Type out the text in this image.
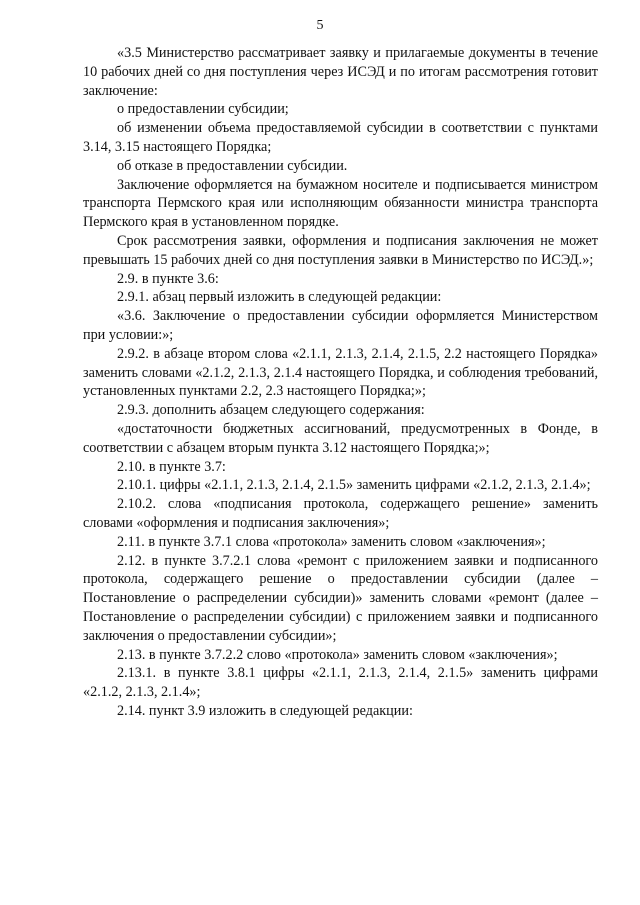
5

«3.5 Министерство рассматривает заявку и прилагаемые документы в течение 10 рабочих дней со дня поступления через ИСЭД и по итогам рассмотрения готовит заключение:

о предоставлении субсидии;

об изменении объема предоставляемой субсидии в соответствии с пунктами 3.14, 3.15 настоящего Порядка;

об отказе в предоставлении субсидии.

Заключение оформляется на бумажном носителе и подписывается министром транспорта Пермского края или исполняющим обязанности министра транспорта Пермского края в установленном порядке.

Срок рассмотрения заявки, оформления и подписания заключения не может превышать 15 рабочих дней со дня поступления заявки в Министерство по ИСЭД.»;

2.9. в пункте 3.6:

2.9.1. абзац первый изложить в следующей редакции:

«3.6. Заключение о предоставлении субсидии оформляется Министерством при условии:»;

2.9.2. в абзаце втором слова «2.1.1, 2.1.3, 2.1.4, 2.1.5, 2.2 настоящего Порядка» заменить словами «2.1.2, 2.1.3, 2.1.4 настоящего Порядка, и соблюдения требований, установленных пунктами 2.2, 2.3 настоящего Порядка;»;

2.9.3. дополнить абзацем следующего содержания:

«достаточности бюджетных ассигнований, предусмотренных в Фонде, в соответствии с абзацем вторым пункта 3.12 настоящего Порядка;»;

2.10. в пункте 3.7:

2.10.1. цифры «2.1.1, 2.1.3, 2.1.4, 2.1.5» заменить цифрами «2.1.2, 2.1.3, 2.1.4»;

2.10.2. слова «подписания протокола, содержащего решение» заменить словами «оформления и подписания заключения»;

2.11. в пункте 3.7.1 слова «протокола» заменить словом «заключения»;

2.12. в пункте 3.7.2.1 слова «ремонт с приложением заявки и подписанного протокола, содержащего решение о предоставлении субсидии (далее – Постановление о распределении субсидии)» заменить словами «ремонт (далее – Постановление о распределении субсидии) с приложением заявки и подписанного заключения о предоставлении субсидии»;

2.13. в пункте 3.7.2.2 слово «протокола» заменить словом «заключения»;

2.13.1. в пункте 3.8.1 цифры «2.1.1, 2.1.3, 2.1.4, 2.1.5» заменить цифрами «2.1.2, 2.1.3, 2.1.4»;

2.14. пункт 3.9 изложить в следующей редакции:
